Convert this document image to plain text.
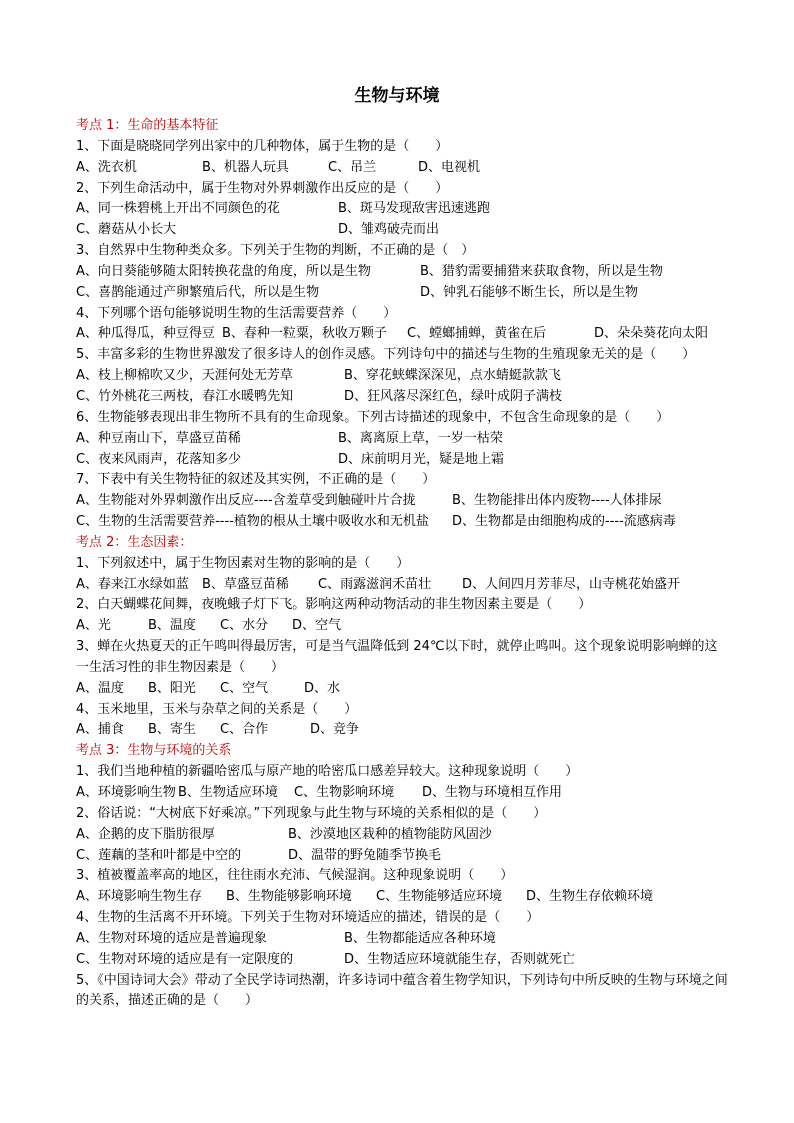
生物与环境
考点 1：生命的基本特征
1、下面是晓晓同学列出家中的几种物体，属于生物的是（　　）
A、洗衣机	B、机器人玩具	C、吊兰	D、电视机
2、下列生命活动中，属于生物对外界刺激作出反应的是（　　）
A、同一株碧桃上开出不同颜色的花	B、斑马发现敌害迅速逃跑
C、蘑菇从小长大	D、雏鸡破壳而出
3、自然界中生物种类众多。下列关于生物的判断，不正确的是（　）
A、向日葵能够随太阳转换花盘的角度，所以是生物	B、猎豹需要捕猎来获取食物，所以是生物
C、喜鹊能通过产卵繁殖后代，所以是生物	D、钟乳石能够不断生长，所以是生物
4、下列哪个语句能够说明生物的生活需要营养（　　）
A、种瓜得瓜，种豆得豆 B、春种一粒粟，秋收万颗子	C、螳螂捕蝉，黄雀在后	D、朵朵葵花向太阳
5、丰富多彩的生物世界激发了很多诗人的创作灵感。下列诗句中的描述与生物的生殖现象无关的是（　　）
A、枝上柳棉吹又少，天涯何处无芳草	B、穿花蛱蝶深深见，点水蜻蜓款款飞
C、竹外桃花三两枝，春江水暖鸭先知	D、狂风落尽深红色，绿叶成阴子满枝
6、生物能够表现出非生物所不具有的生命现象。下列古诗描述的现象中，不包含生命现象的是（　　）
A、种豆南山下，草盛豆苗稀	B、离离原上草，一岁一枯荣
C、夜来风雨声，花落知多少	D、床前明月光，疑是地上霜
7、下表中有关生物特征的叙述及其实例，不正确的是（　　）
A、生物能对外界刺激作出反应----含羞草受到触碰叶片合拢	B、生物能排出体内废物----人体排尿
C、生物的生活需要营养----植物的根从土壤中吸收水和无机盐	D、生物都是由细胞构成的----流感病毒
考点 2：生态因素：
1、下列叙述中，属于生物因素对生物的影响的是（　　）
A、春来江水绿如蓝	B、草盛豆苗稀	C、雨露滋润禾苗壮	D、人间四月芳菲尽，山寺桃花始盛开
2、白天蝴蝶花间舞，夜晚蛾子灯下飞。影响这两种动物活动的非生物因素主要是（　　）
A、光	B、温度	C、水分	D、空气
3、蝉在火热夏天的正午鸣叫得最厉害，可是当气温降低到 24℃以下时，就停止鸣叫。这个现象说明影响蝉的这一生活习性的非生物因素是（　　）
A、温度	B、阳光	C、空气	D、水
4、玉米地里，玉米与杂草之间的关系是（　　）
A、捕食	B、寄生	C、合作	D、竞争
考点 3：生物与环境的关系
1、我们当地种植的新疆哈密瓜与原产地的哈密瓜口感差异较大。这种现象说明（　　）
A、环境影响生物 B、生物适应环境	C、生物影响环境	D、生物与环境相互作用
2、俗话说：“大树底下好乘凉。”下列现象与此生物与环境的关系相似的是（　　）
A、企鹅的皮下脂肪很厚	B、沙漠地区栽种的植物能防风固沙
C、莲藕的茎和叶都是中空的	D、温带的野兔随季节换毛
3、植被覆盖率高的地区，往往雨水充沛、气候湿润。这种现象说明（　　）
A、环境影响生物生存	B、生物能够影响环境	C、生物能够适应环境	D、生物生存依赖环境
4、生物的生活离不开环境。下列关于生物对环境适应的描述，错误的是（　　）
A、生物对环境的适应是普遍现象	B、生物都能适应各种环境
C、生物对环境的适应是有一定限度的	D、生物适应环境就能生存，否则就死亡
5、《中国诗词大会》带动了全民学诗词热潮，许多诗词中蕴含着生物学知识，下列诗句中所反映的生物与环境之间的关系，描述正确的是（　　）
